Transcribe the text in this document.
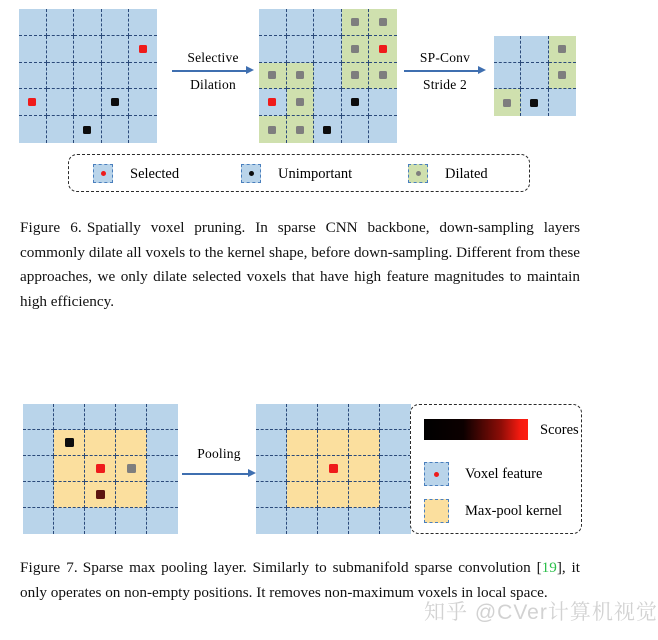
Selective
Dilation
SP-Conv
Stride 2
Selected	Unimportant	Dilated
Figure 6. Spatially voxel pruning. In sparse CNN backbone, down-sampling layers commonly dilate all voxels to the kernel shape, before down-sampling. Different from these approaches, we only dilate selected voxels that have high feature magnitudes to maintain high efficiency.
Pooling
Scores
Voxel feature
Max-pool kernel
Figure 7. Sparse max pooling layer. Similarly to submanifold sparse convolution [19], it only operates on non-empty positions. It removes non-maximum voxels in local space.
知乎 @CVer计算机视觉
